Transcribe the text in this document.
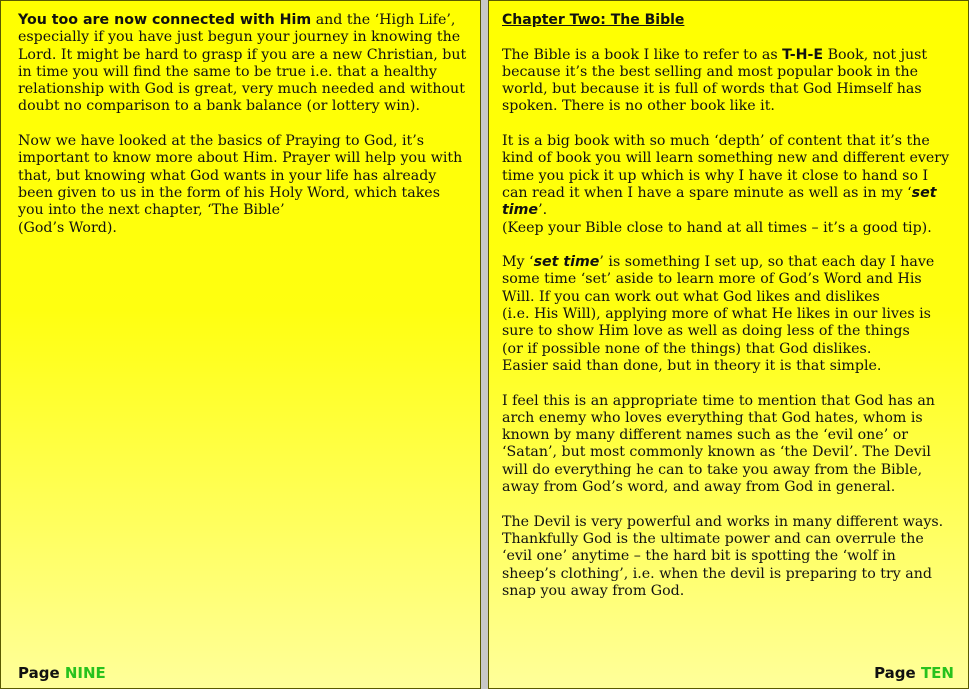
You too are now connected with Him and the ‘High Life’, especially if you have just begun your journey in knowing the Lord. It might be hard to grasp if you are a new Christian, but in time you will find the same to be true i.e. that a healthy relationship with God is great, very much needed and without doubt no comparison to a bank balance (or lottery win).

Now we have looked at the basics of Praying to God, it’s important to know more about Him. Prayer will help you with that, but knowing what God wants in your life has already been given to us in the form of his Holy Word, which takes you into the next chapter, ‘The Bible’
(God’s Word).

Page NINE

Chapter Two: The Bible

The Bible is a book I like to refer to as T-H-E Book, not just because it’s the best selling and most popular book in the world, but because it is full of words that God Himself has spoken. There is no other book like it.

It is a big book with so much ‘depth’ of content that it’s the kind of book you will learn something new and different every time you pick it up which is why I have it close to hand so I can read it when I have a spare minute as well as in my ‘set time’.
(Keep your Bible close to hand at all times – it’s a good tip).

My ‘set time’ is something I set up, so that each day I have some time ‘set’ aside to learn more of God’s Word and His Will. If you can work out what God likes and dislikes
(i.e. His Will), applying more of what He likes in our lives is sure to show Him love as well as doing less of the things
(or if possible none of the things) that God dislikes.
Easier said than done, but in theory it is that simple.

I feel this is an appropriate time to mention that God has an arch enemy who loves everything that God hates, whom is known by many different names such as the ‘evil one’ or ‘Satan’, but most commonly known as ‘the Devil’. The Devil will do everything he can to take you away from the Bible, away from God’s word, and away from God in general.

The Devil is very powerful and works in many different ways. Thankfully God is the ultimate power and can overrule the ‘evil one’ anytime – the hard bit is spotting the ‘wolf in sheep’s clothing’, i.e. when the devil is preparing to try and snap you away from God.

Page TEN
